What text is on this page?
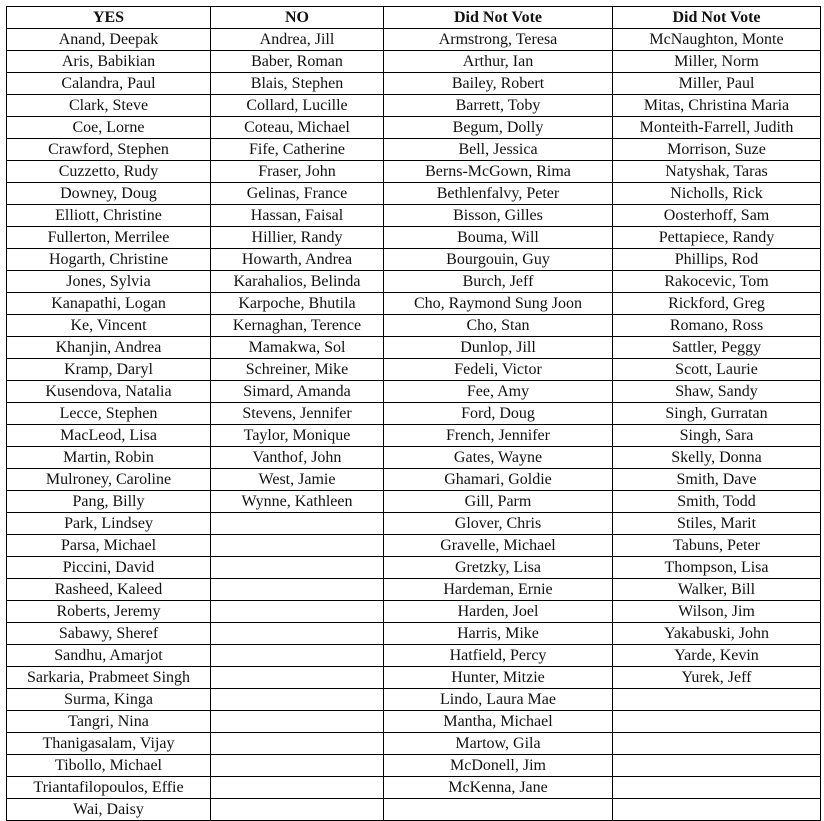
YES	NO	Did Not Vote	Did Not Vote
Anand, Deepak	Andrea, Jill	Armstrong, Teresa	McNaughton, Monte
Aris, Babikian	Baber, Roman	Arthur, Ian	Miller, Norm
Calandra, Paul	Blais, Stephen	Bailey, Robert	Miller, Paul
Clark, Steve	Collard, Lucille	Barrett, Toby	Mitas, Christina Maria
Coe, Lorne	Coteau, Michael	Begum, Dolly	Monteith-Farrell, Judith
Crawford, Stephen	Fife, Catherine	Bell, Jessica	Morrison, Suze
Cuzzetto, Rudy	Fraser, John	Berns-McGown, Rima	Natyshak, Taras
Downey, Doug	Gelinas, France	Bethlenfalvy, Peter	Nicholls, Rick
Elliott, Christine	Hassan, Faisal	Bisson, Gilles	Oosterhoff, Sam
Fullerton, Merrilee	Hillier, Randy	Bouma, Will	Pettapiece, Randy
Hogarth, Christine	Howarth, Andrea	Bourgouin, Guy	Phillips, Rod
Jones, Sylvia	Karahalios, Belinda	Burch, Jeff	Rakocevic, Tom
Kanapathi, Logan	Karpoche, Bhutila	Cho, Raymond Sung Joon	Rickford, Greg
Ke, Vincent	Kernaghan, Terence	Cho, Stan	Romano, Ross
Khanjin, Andrea	Mamakwa, Sol	Dunlop, Jill	Sattler, Peggy
Kramp, Daryl	Schreiner, Mike	Fedeli, Victor	Scott, Laurie
Kusendova, Natalia	Simard, Amanda	Fee, Amy	Shaw, Sandy
Lecce, Stephen	Stevens, Jennifer	Ford, Doug	Singh, Gurratan
MacLeod, Lisa	Taylor, Monique	French, Jennifer	Singh, Sara
Martin, Robin	Vanthof, John	Gates, Wayne	Skelly, Donna
Mulroney, Caroline	West, Jamie	Ghamari, Goldie	Smith, Dave
Pang, Billy	Wynne, Kathleen	Gill, Parm	Smith, Todd
Park, Lindsey		Glover, Chris	Stiles, Marit
Parsa, Michael		Gravelle, Michael	Tabuns, Peter
Piccini, David		Gretzky, Lisa	Thompson, Lisa
Rasheed, Kaleed		Hardeman, Ernie	Walker, Bill
Roberts, Jeremy		Harden, Joel	Wilson, Jim
Sabawy, Sheref		Harris, Mike	Yakabuski, John
Sandhu, Amarjot		Hatfield, Percy	Yarde, Kevin
Sarkaria, Prabmeet Singh		Hunter, Mitzie	Yurek, Jeff
Surma, Kinga		Lindo, Laura Mae	
Tangri, Nina		Mantha, Michael	
Thanigasalam, Vijay		Martow, Gila	
Tibollo, Michael		McDonell, Jim	
Triantafilopoulos, Effie		McKenna, Jane	
Wai, Daisy			
